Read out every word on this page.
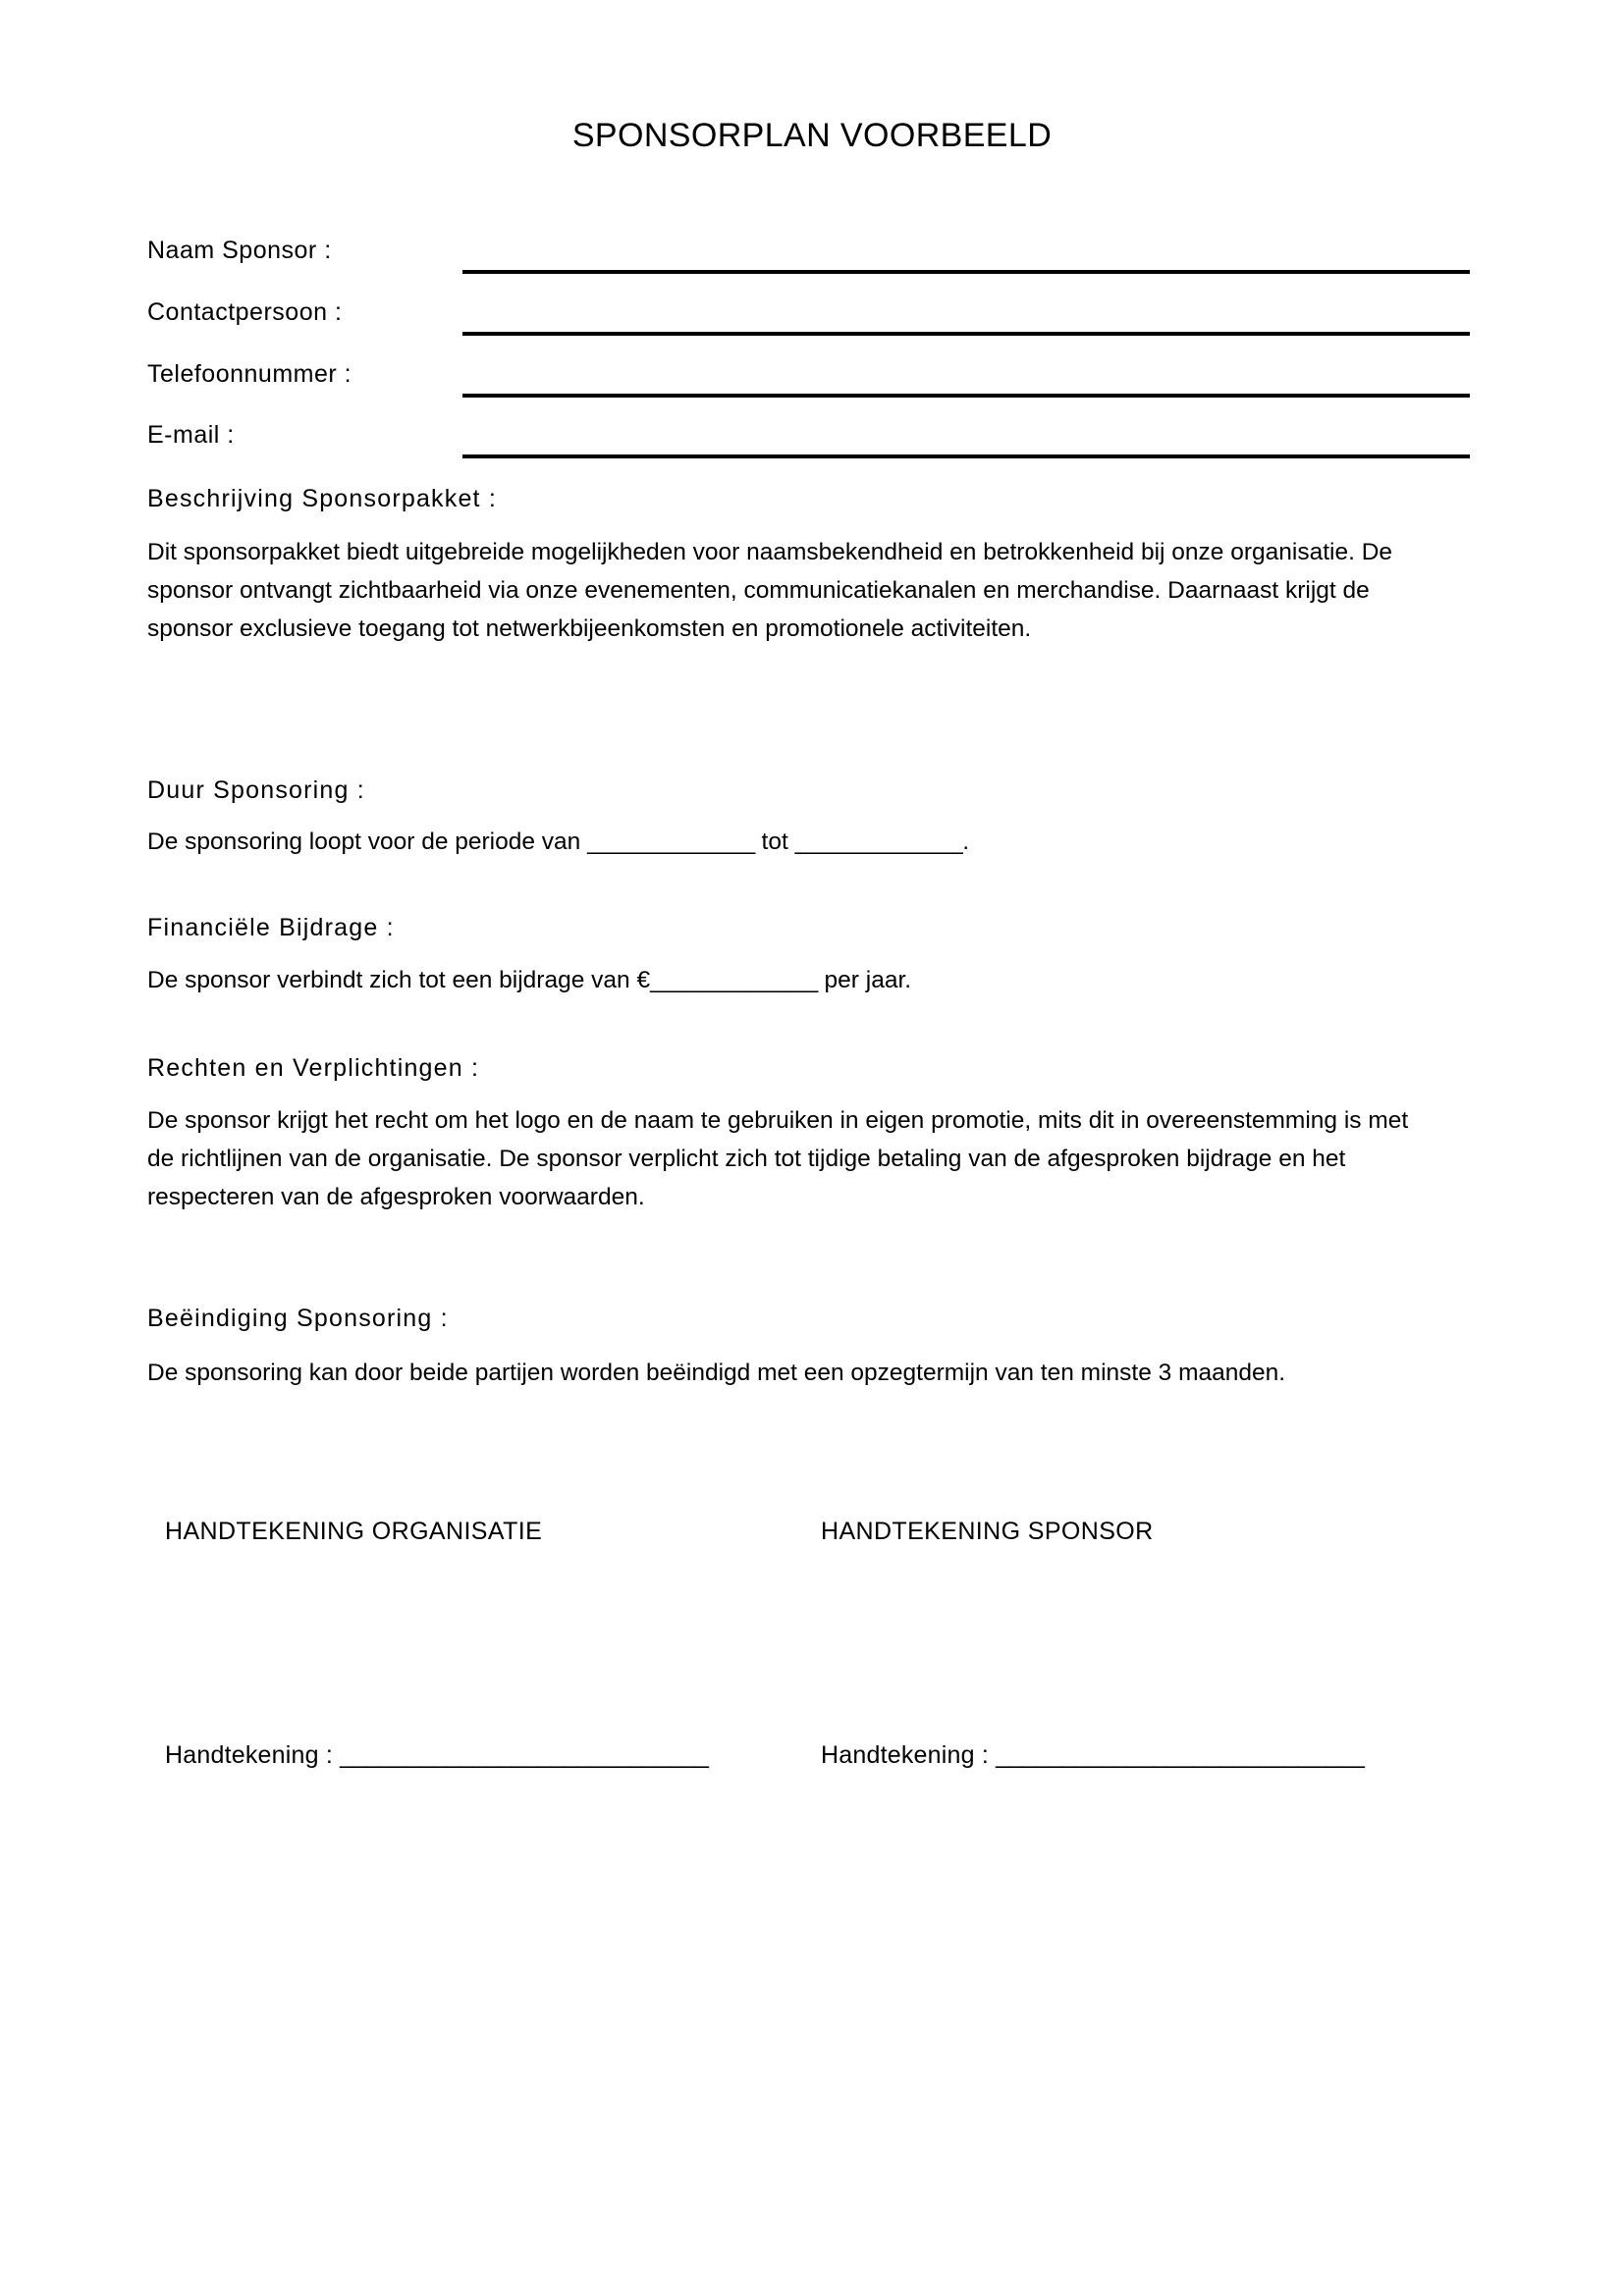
SPONSORPLAN VOORBEELD
Naam Sponsor :
Contactpersoon :
Telefoonnummer :
E-mail :
Beschrijving Sponsorpakket :
Dit sponsorpakket biedt uitgebreide mogelijkheden voor naamsbekendheid en betrokkenheid bij onze organisatie. De sponsor ontvangt zichtbaarheid via onze evenementen, communicatiekanalen en merchandise. Daarnaast krijgt de sponsor exclusieve toegang tot netwerkbijeenkomsten en promotionele activiteiten.
Duur Sponsoring :
De sponsoring loopt voor de periode van _____________ tot _____________.
Financiële Bijdrage :
De sponsor verbindt zich tot een bijdrage van €_____________ per jaar.
Rechten en Verplichtingen :
De sponsor krijgt het recht om het logo en de naam te gebruiken in eigen promotie, mits dit in overeenstemming is met de richtlijnen van de organisatie. De sponsor verplicht zich tot tijdige betaling van de afgesproken bijdrage en het respecteren van de afgesproken voorwaarden.
Beëindiging Sponsoring :
De sponsoring kan door beide partijen worden beëindigd met een opzegtermijn van ten minste 3 maanden.
HANDTEKENING ORGANISATIE	HANDTEKENING SPONSOR
Handtekening : ____________________________	Handtekening : ____________________________
